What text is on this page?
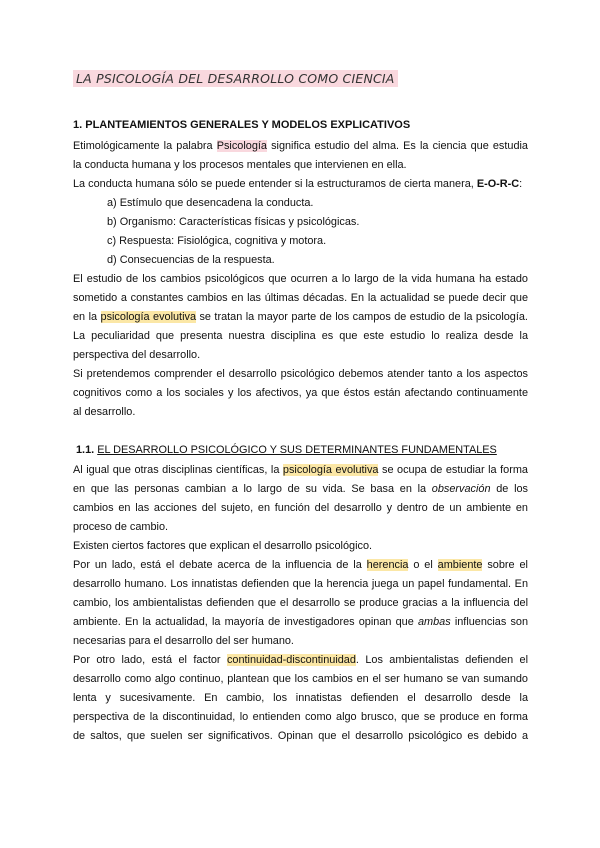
LA PSICOLOGÍA DEL DESARROLLO COMO CIENCIA
1. PLANTEAMIENTOS GENERALES Y MODELOS EXPLICATIVOS
Etimológicamente la palabra Psicología significa estudio del alma. Es la ciencia que estudia
la conducta humana y los procesos mentales que intervienen en ella.
La conducta humana sólo se puede entender si la estructuramos de cierta manera, E-O-R-C:
a) Estímulo que desencadena la conducta.
b) Organismo: Características físicas y psicológicas.
c) Respuesta: Fisiológica, cognitiva y motora.
d) Consecuencias de la respuesta.
El estudio de los cambios psicológicos que ocurren a lo largo de la vida humana ha estado
sometido a constantes cambios en las últimas décadas. En la actualidad se puede decir que
en la psicología evolutiva se tratan la mayor parte de los campos de estudio de la psicología.
La peculiaridad que presenta nuestra disciplina es que este estudio lo realiza desde la
perspectiva del desarrollo.
Si pretendemos comprender el desarrollo psicológico debemos atender tanto a los aspectos
cognitivos como a los sociales y los afectivos, ya que éstos están afectando continuamente
al desarrollo.
1.1. EL DESARROLLO PSICOLÓGICO Y SUS DETERMINANTES FUNDAMENTALES
Al igual que otras disciplinas científicas, la psicología evolutiva se ocupa de estudiar la forma
en que las personas cambian a lo largo de su vida. Se basa en la observación de los
cambios en las acciones del sujeto, en función del desarrollo y dentro de un ambiente en
proceso de cambio.
Existen ciertos factores que explican el desarrollo psicológico.
Por un lado, está el debate acerca de la influencia de la herencia o el ambiente sobre el
desarrollo humano. Los innatistas defienden que la herencia juega un papel fundamental. En
cambio, los ambientalistas defienden que el desarrollo se produce gracias a la influencia del
ambiente. En la actualidad, la mayoría de investigadores opinan que ambas influencias son
necesarias para el desarrollo del ser humano.
Por otro lado, está el factor continuidad-discontinuidad. Los ambientalistas defienden el
desarrollo como algo continuo, plantean que los cambios en el ser humano se van sumando
lenta y sucesivamente. En cambio, los innatistas defienden el desarrollo desde la
perspectiva de la discontinuidad, lo entienden como algo brusco, que se produce en forma
de saltos, que suelen ser significativos. Opinan que el desarrollo psicológico es debido a
